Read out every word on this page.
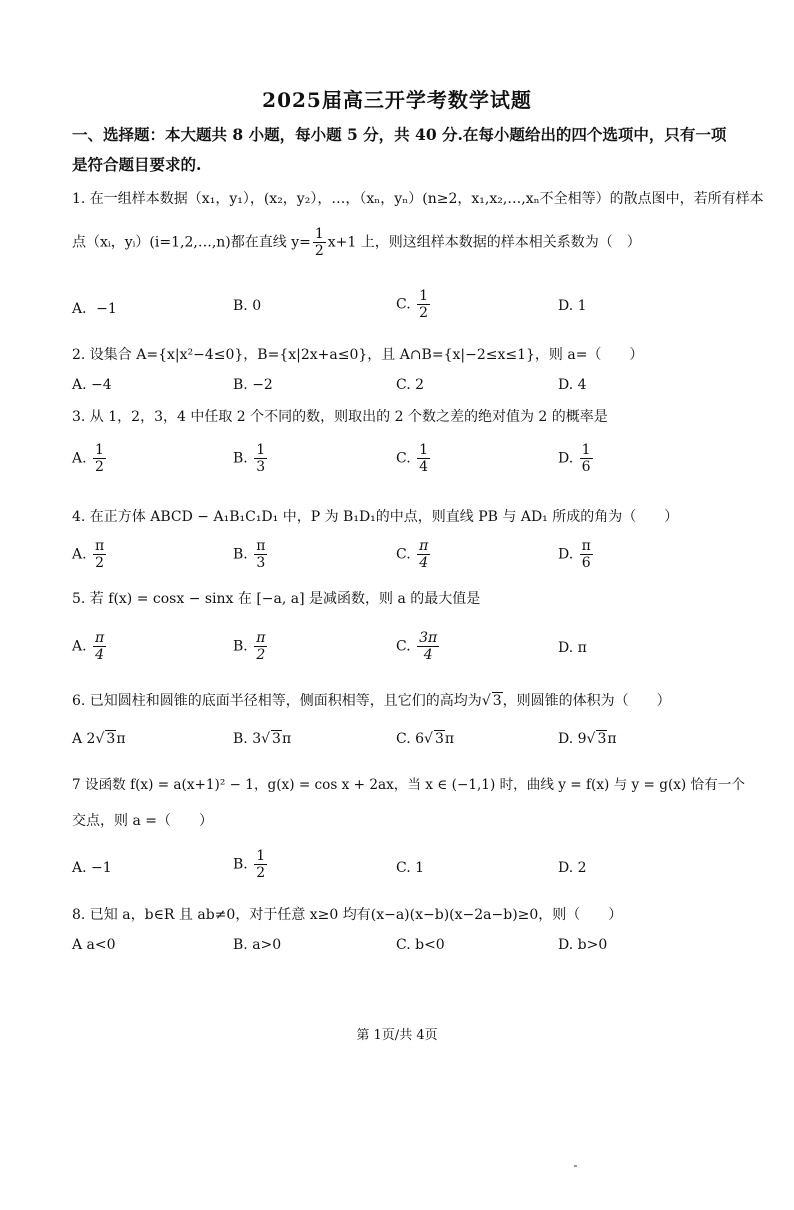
2025届高三开学考数学试题
一、选择题：本大题共 8 小题，每小题 5 分，共 40 分.在每小题给出的四个选项中，只有一项是符合题目要求的.
1. 在一组样本数据（x₁，y₁），(x₂，y₂），…，（xₙ，yₙ）(n≥2，x₁,x₂,…,xₙ不全相等）的散点图中，若所有样本
点（xᵢ，yᵢ）(i=1,2,…,n)都在直线 $y= \frac{1}{2} x+1$ 上，则这组样本数据的样本相关系数为（　）
A．−1	B. 0	C. $\frac{1}{2}$	D. 1
2. 设集合 A={x|x²−4≤0}，B={x|2x+a≤0}，且 A∩B={x|−2≤x≤1}，则 a=（　　）
A. −4	B. −2	C. 2	D. 4
3. 从 1，2，3，4 中任取 2 个不同的数，则取出的 2 个数之差的绝对值为 2 的概率是
A. $\frac{1}{2}$	B. $\frac{1}{3}$	C. $\frac{1}{4}$	D. $\frac{1}{6}$
4. 在正方体 ABCD − A₁B₁C₁D₁ 中，P 为 B₁D₁的中点，则直线 PB 与 AD₁ 所成的角为（　　）
A. $\frac{\pi}{2}$	B. $\frac{\pi}{3}$	C. $\frac{\pi}{4}$	D. $\frac{\pi}{6}$
5. 若 f(x) = cosx − sinx 在 [−a, a] 是减函数，则 a 的最大值是
A. $\frac{\pi}{4}$	B. $\frac{\pi}{2}$	C. $\frac{3\pi}{4}$	D. π
6. 已知圆柱和圆锥的底面半径相等，侧面积相等，且它们的高均为√ 3，则圆锥的体积为（　　）
A 2√ 3π	B. 3√ 3π	C. 6√ 3π	D. 9√ 3π
7 设函数 f(x) = a(x+1)² − 1，g(x) = cos x + 2ax，当 x ∈ (−1,1) 时，曲线 y = f(x) 与 y = g(x) 恰有一个
交点，则 a =（　　）
A. −1	B. $\frac{1}{2}$	C. 1	D. 2
8. 已知 a，b∈R 且 ab≠0，对于任意 x≥0 均有(x−a)(x−b)(x−2a−b)≥0，则（　　）
A a<0	B. a>0	C. b<0	D. b>0
第 1页/共 4页
